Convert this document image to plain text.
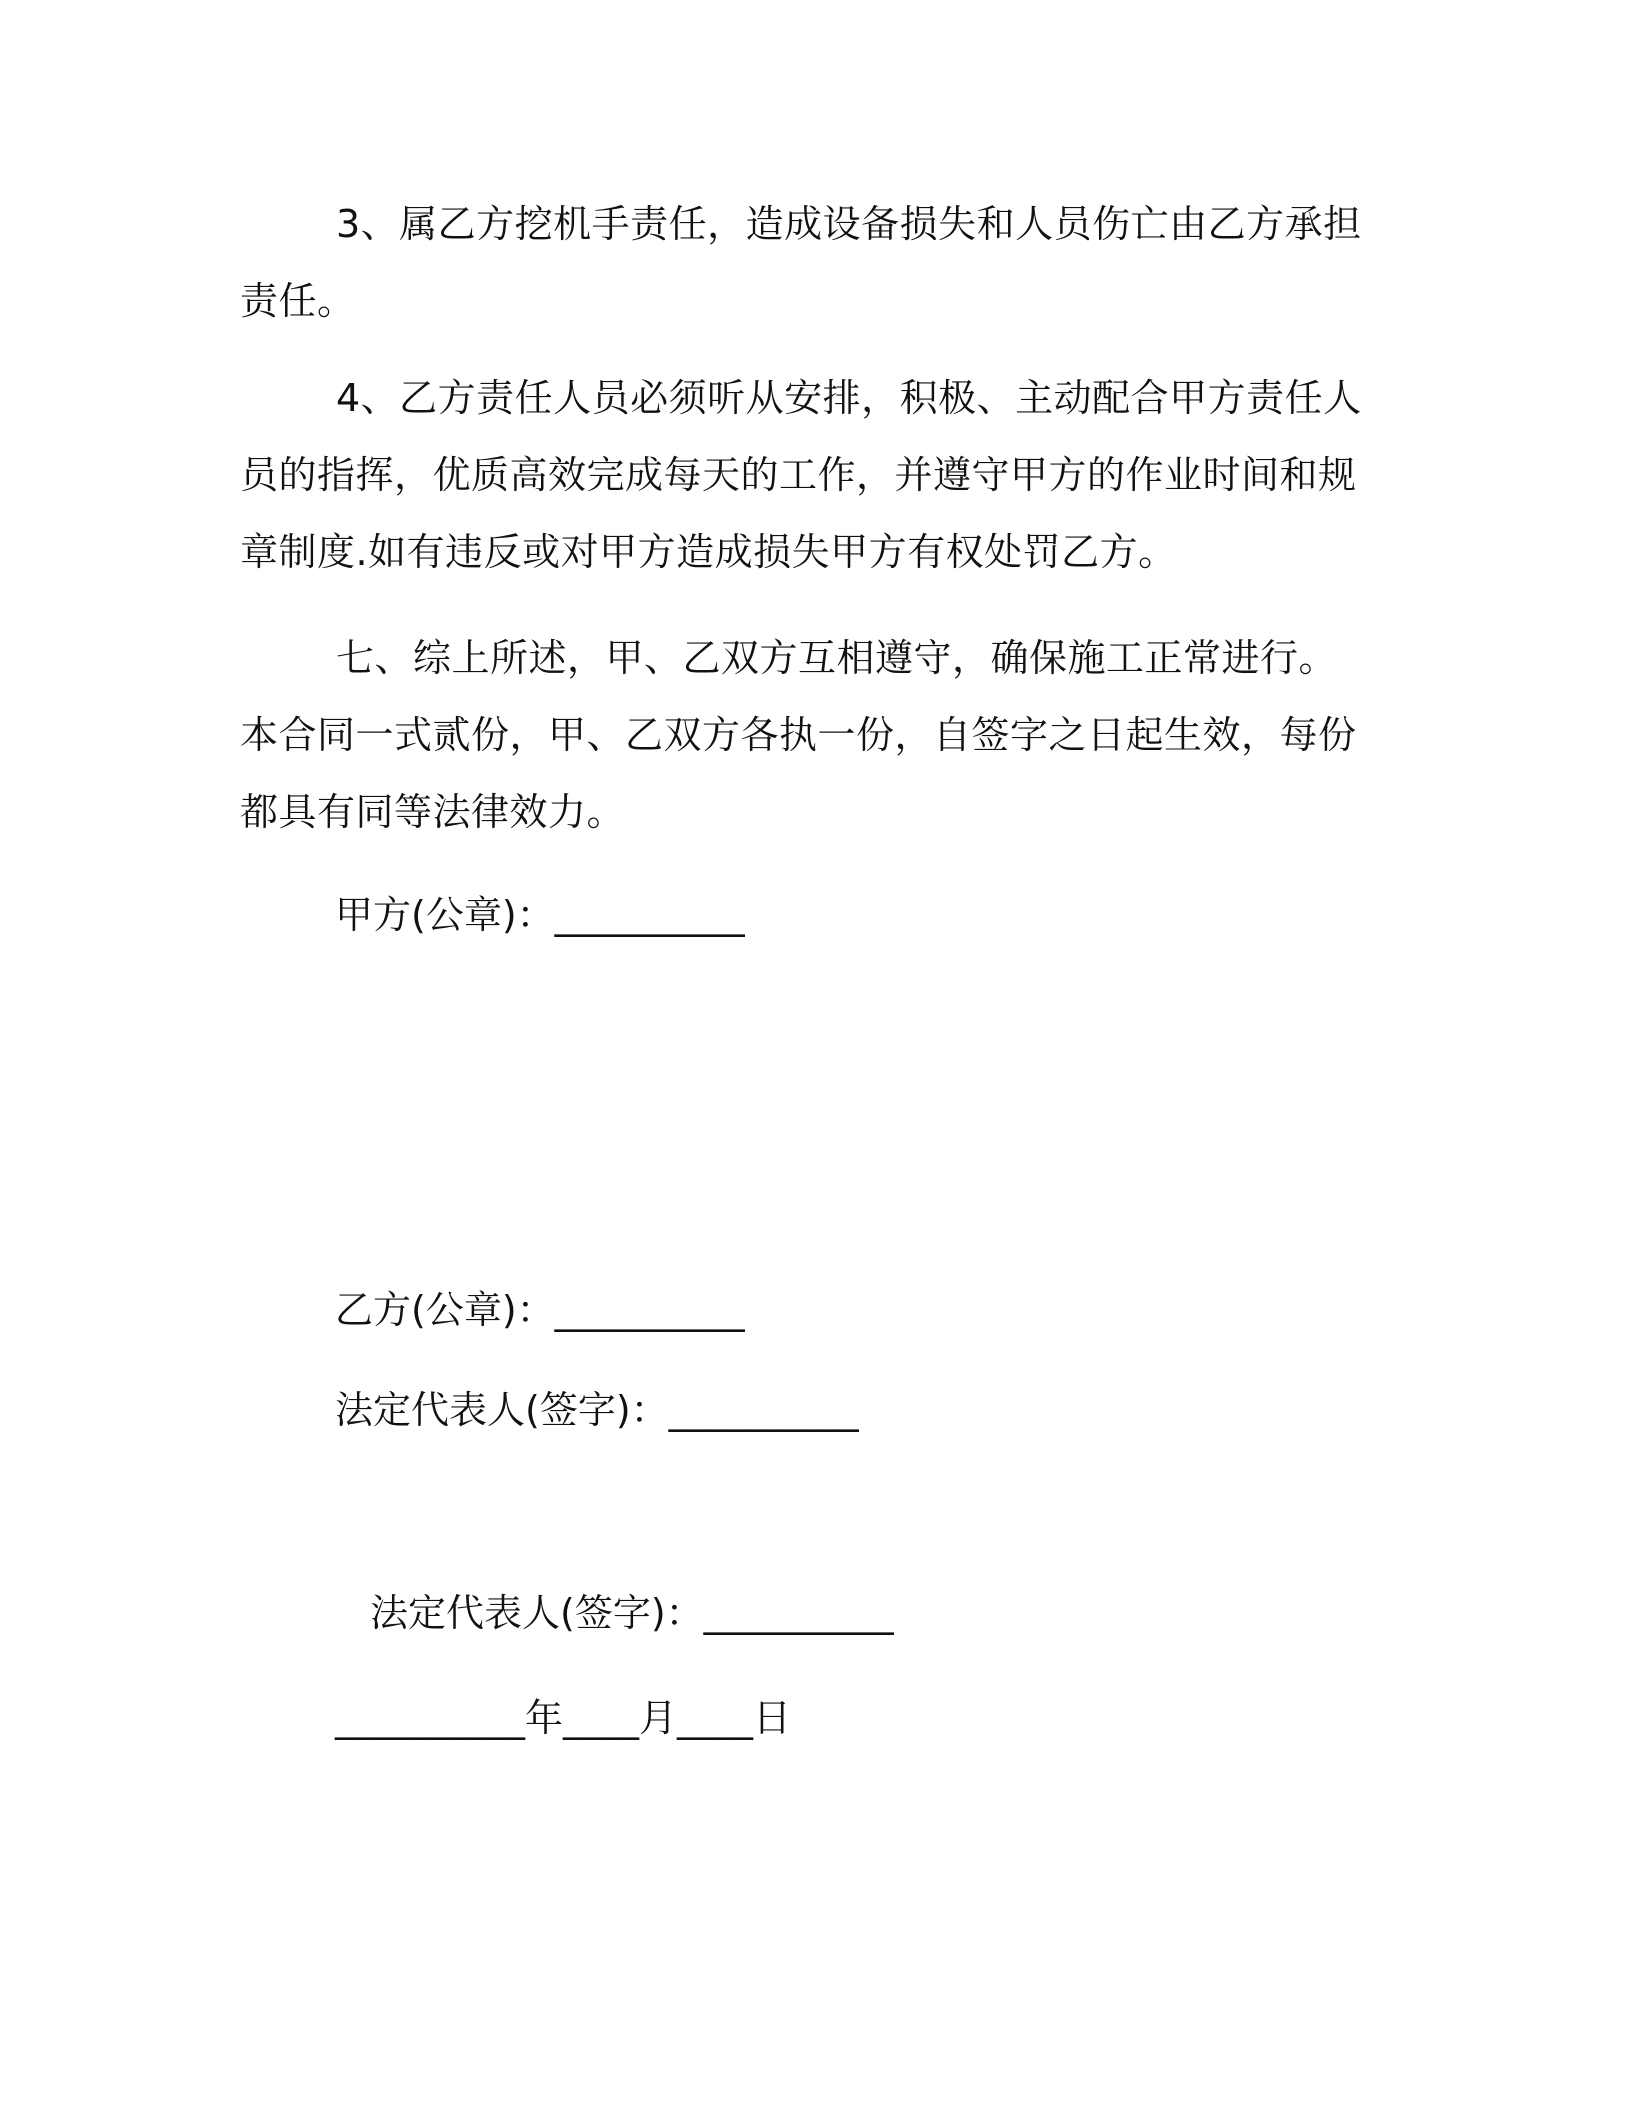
3、属乙方挖机手责任，造成设备损失和人员伤亡由乙方承担责任。

4、乙方责任人员必须听从安排，积极、主动配合甲方责任人员的指挥，优质高效完成每天的工作，并遵守甲方的作业时间和规章制度.如有违反或对甲方造成损失甲方有权处罚乙方。

七、综上所述，甲、乙双方互相遵守，确保施工正常进行。本合同一式贰份，甲、乙双方各执一份，自签字之日起生效，每份都具有同等法律效力。

甲方(公章)：__________

乙方(公章)：__________

法定代表人(签字)：__________

法定代表人(签字)：__________

__________年____月____日
